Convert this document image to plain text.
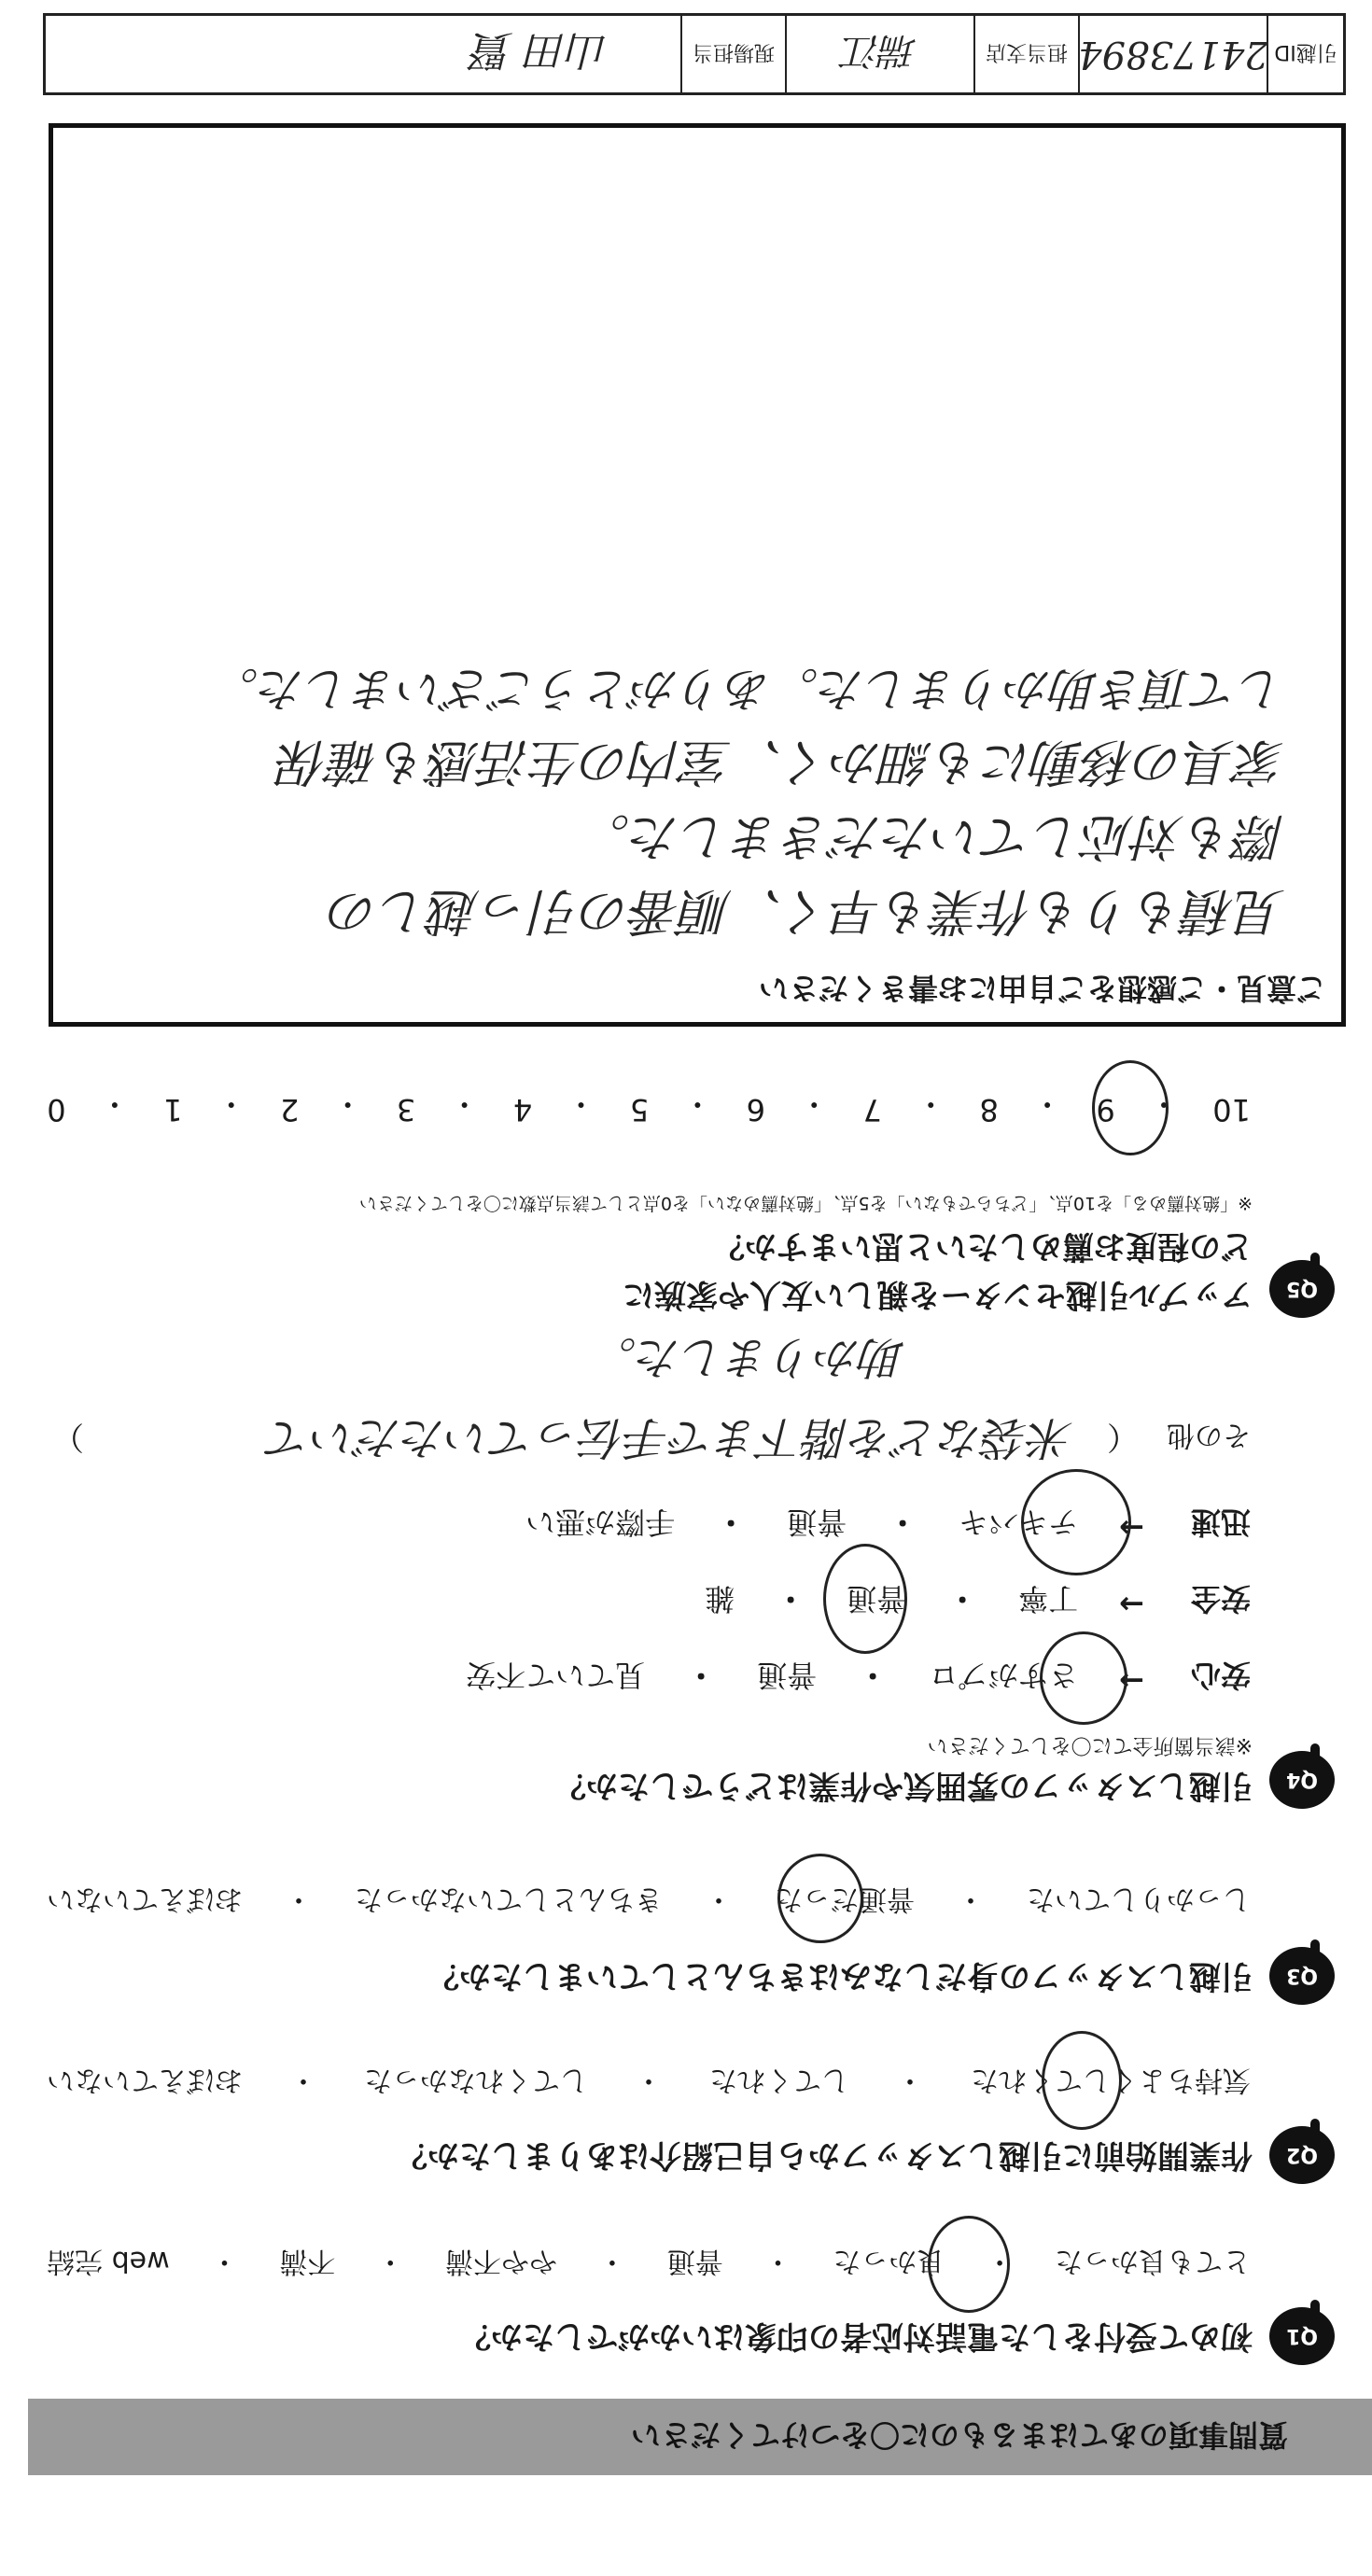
引越ID
24173894
担当支店
瑞江
現場担当
山田 賢
質問事項のあてはまるものに〇をつけてください
Q1
初めて受付をした電話対応者の印象はいかがでしたか？
とても良かった
・
良かった
・
普通
・
やや不満
・
不満
・
web 完結
Q2
作業開始前に引越しスタッフから自己紹介はありましたか？
気持ちよくしてくれた
・
してくれた
・
してくれなかった
・
おぼえていない
Q3
引越しスタッフの身だしなみはきちんとしていましたか？
しっかりしていた
・
普通だった
・
きちんとしていなかった
・
おぼえていない
Q4
引越しスタッフの雰囲気や作業はどうでしたか？
※該当箇所全てに〇をしてください
安心
→
さすがプロ
・
普通
・
見ていて不安
安全
→
丁寧
・
普通
・
雑
迅速
→
テキパキ
・
普通
・
手際が悪い
その他
（
）	米袋などを階下まで手伝っていただいて
助かりました。
Q5
アップル引越センターを親しい友人や家族に
どの程度お薦めしたいと思いますか？
※「絶対薦める」を10点、「どちらでもない」を5点、「絶対薦めない」を0点として該当点数に〇をしてください
10
・
9
・
8
・
7
・
6
・
5
・
4
・
3
・
2
・
1
・
0
ご意見・ご感想をご自由にお書きください
見積もりも作業も早く、順番の引っ越しの
際も対応していただきました。
家具の移動にも細かく、室内の生活感も確保
して頂き助かりました。ありがとうございました。
